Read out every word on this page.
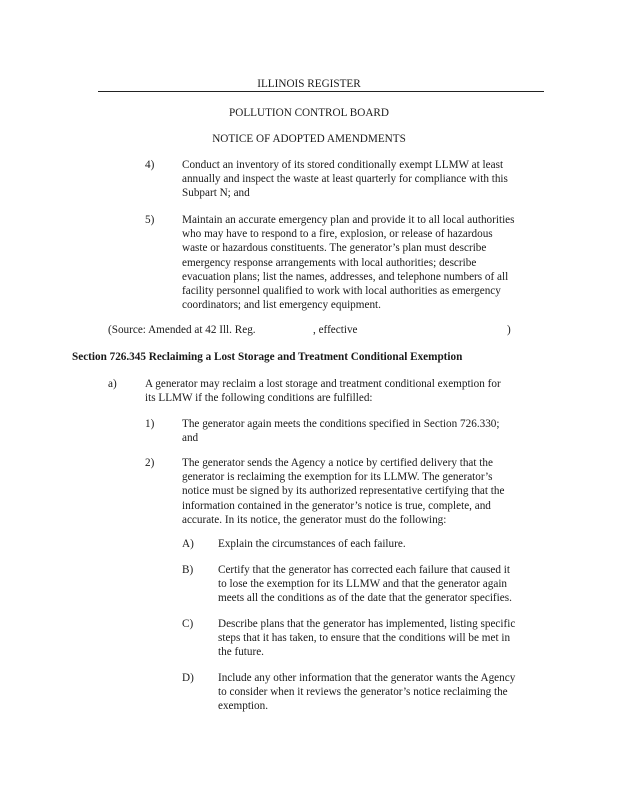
ILLINOIS REGISTER
POLLUTION CONTROL BOARD
NOTICE OF ADOPTED AMENDMENTS
4) Conduct an inventory of its stored conditionally exempt LLMW at least
annually and inspect the waste at least quarterly for compliance with this
Subpart N; and
5) Maintain an accurate emergency plan and provide it to all local authorities
who may have to respond to a fire, explosion, or release of hazardous
waste or hazardous constituents. The generator’s plan must describe
emergency response arrangements with local authorities; describe
evacuation plans; list the names, addresses, and telephone numbers of all
facility personnel qualified to work with local authorities as emergency
coordinators; and list emergency equipment.
(Source: Amended at 42 Ill. Reg.	, effective	)
Section 726.345 Reclaiming a Lost Storage and Treatment Conditional Exemption
a)	A generator may reclaim a lost storage and treatment conditional exemption for
its LLMW if the following conditions are fulfilled:
1) The generator again meets the conditions specified in Section 726.330;
and
2) The generator sends the Agency a notice by certified delivery that the
generator is reclaiming the exemption for its LLMW. The generator’s
notice must be signed by its authorized representative certifying that the
information contained in the generator’s notice is true, complete, and
accurate. In its notice, the generator must do the following:
A) Explain the circumstances of each failure.
B) Certify that the generator has corrected each failure that caused it
to lose the exemption for its LLMW and that the generator again
meets all the conditions as of the date that the generator specifies.
C) Describe plans that the generator has implemented, listing specific
steps that it has taken, to ensure that the conditions will be met in
the future.
D) Include any other information that the generator wants the Agency
to consider when it reviews the generator’s notice reclaiming the
exemption.
